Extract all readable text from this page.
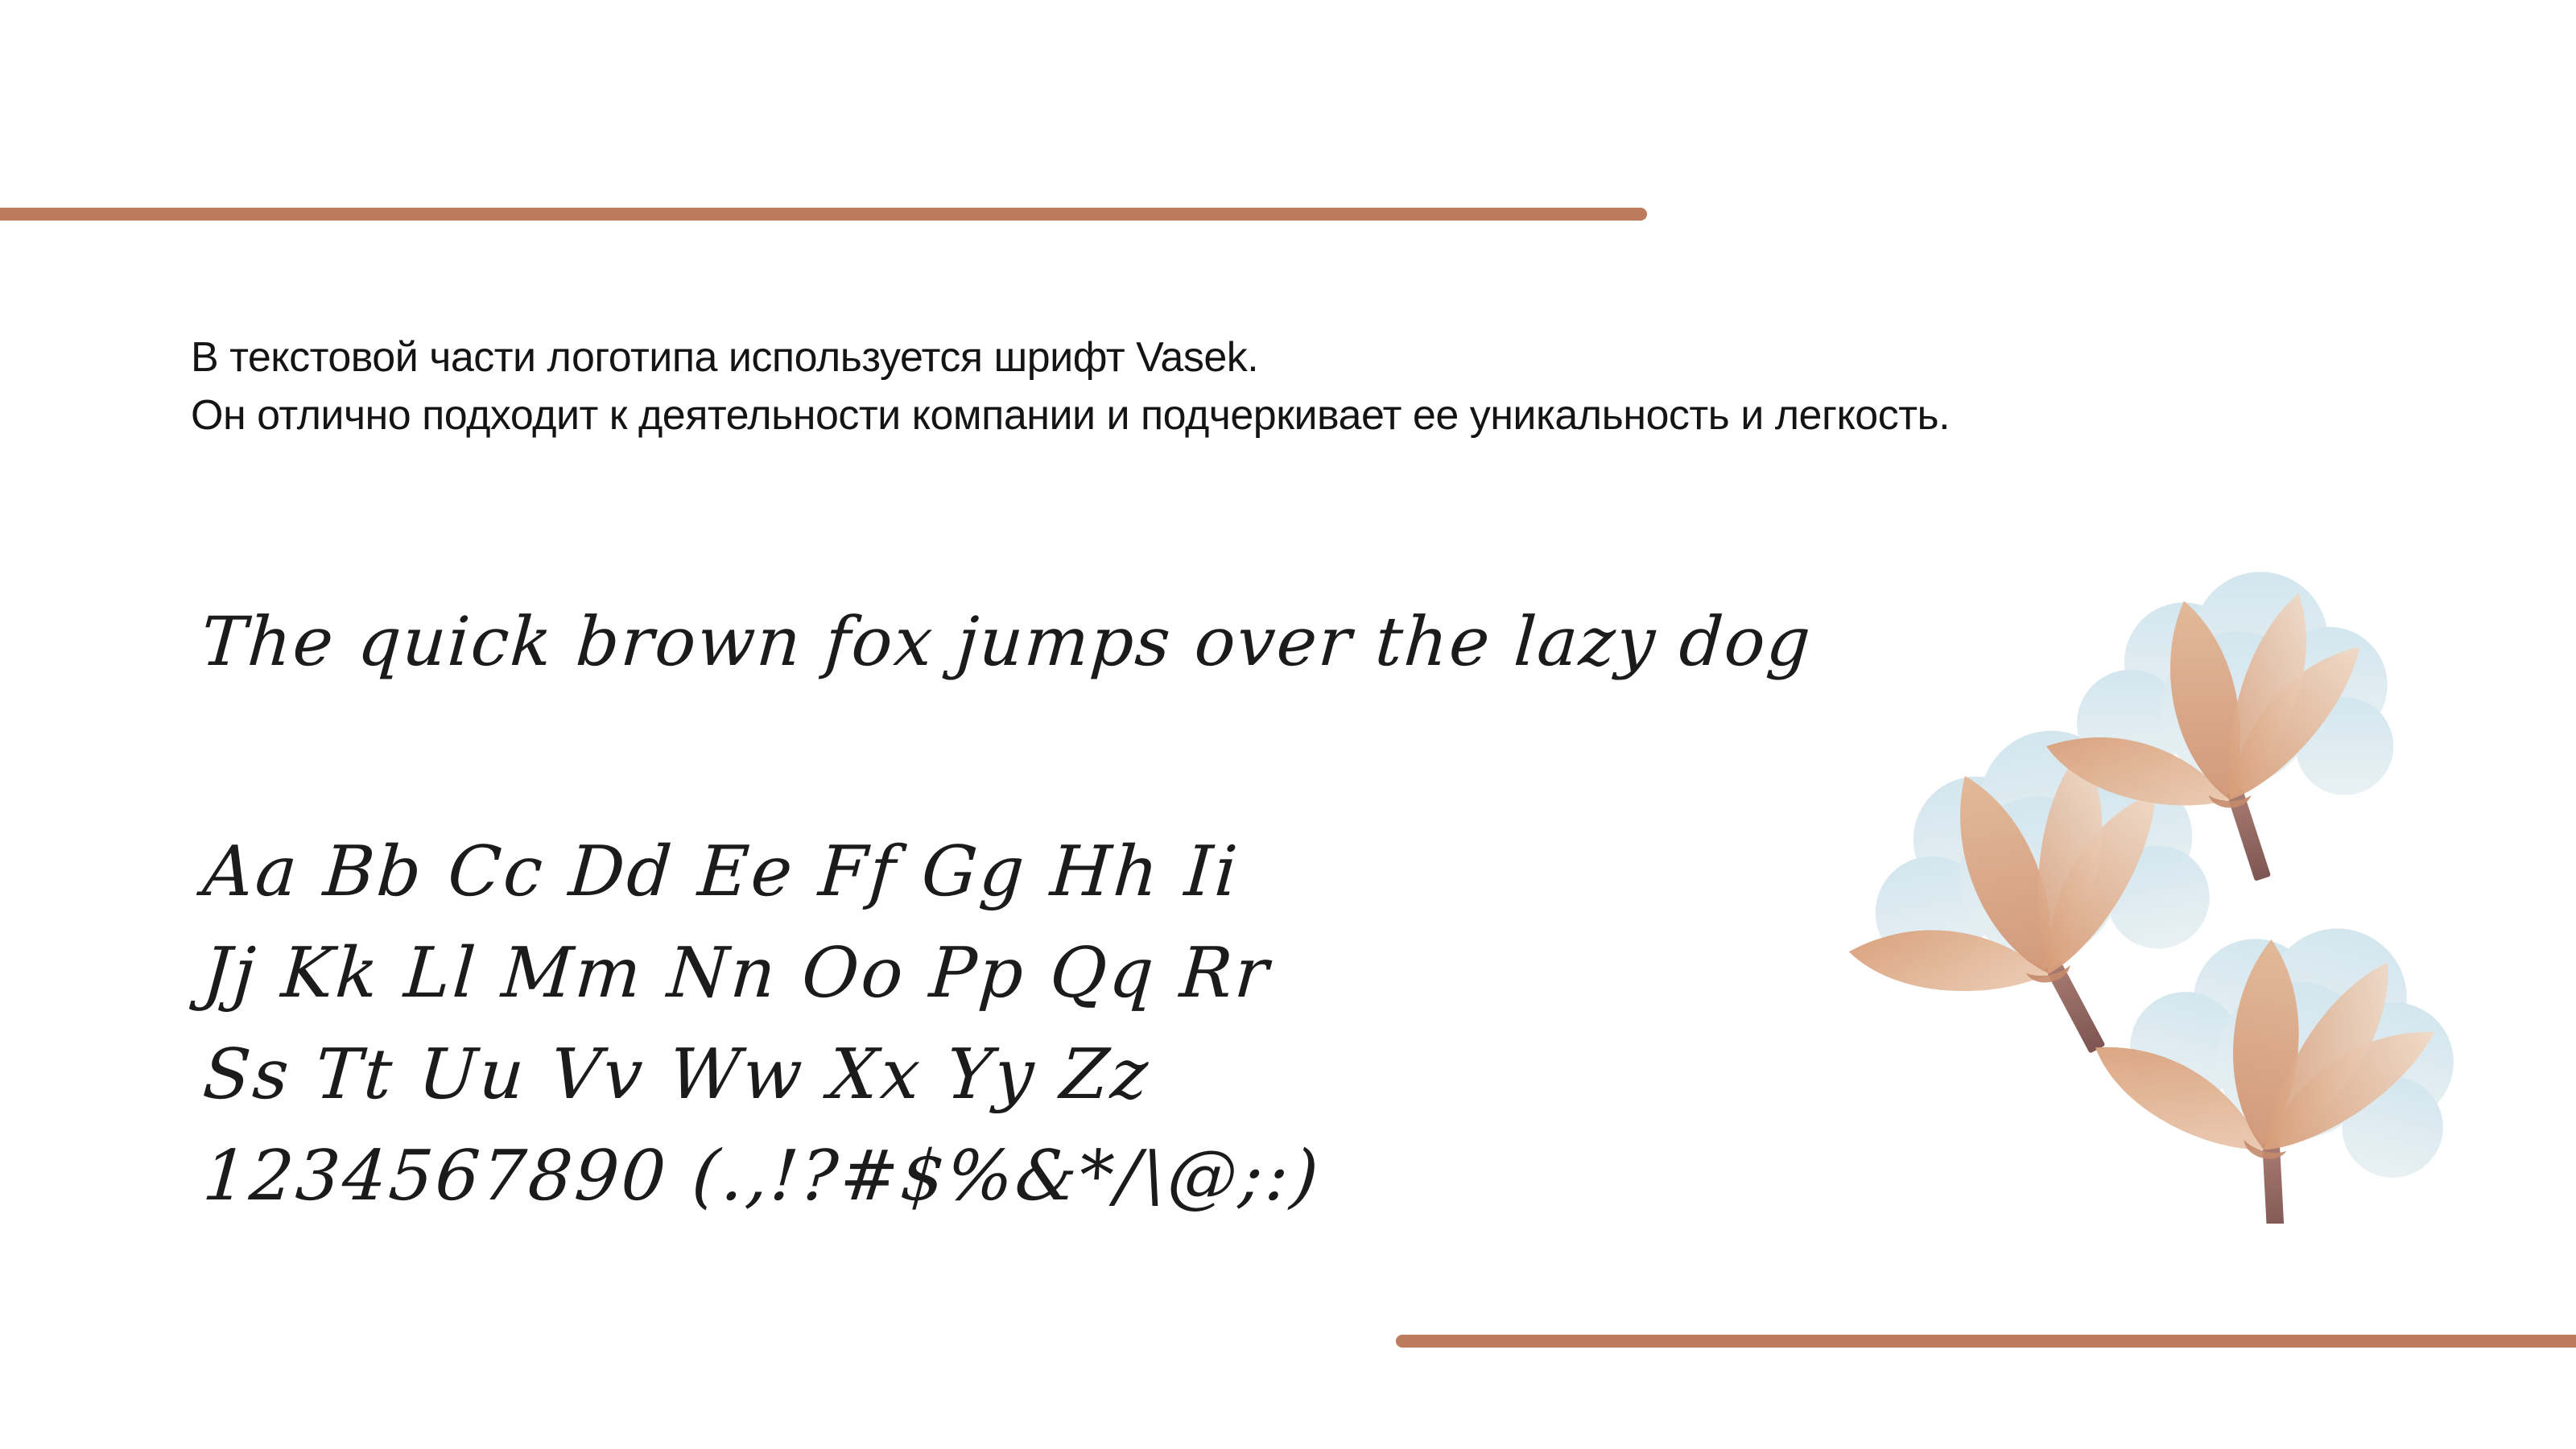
В текстовой части логотипа используется шрифт Vasek.

Он отлично подходит к деятельности компании и подчеркивает ее уникальность и легкость.

The quick brown fox jumps over the lazy dog
Aa Bb Cc Dd Ee Ff Gg Hh Ii
Jj Kk Ll Mm Nn Oo Pp Qq Rr
Ss Tt Uu Vv Ww Xx Yy Zz
1234567890 (.,!?#$%&*/\@;:)
